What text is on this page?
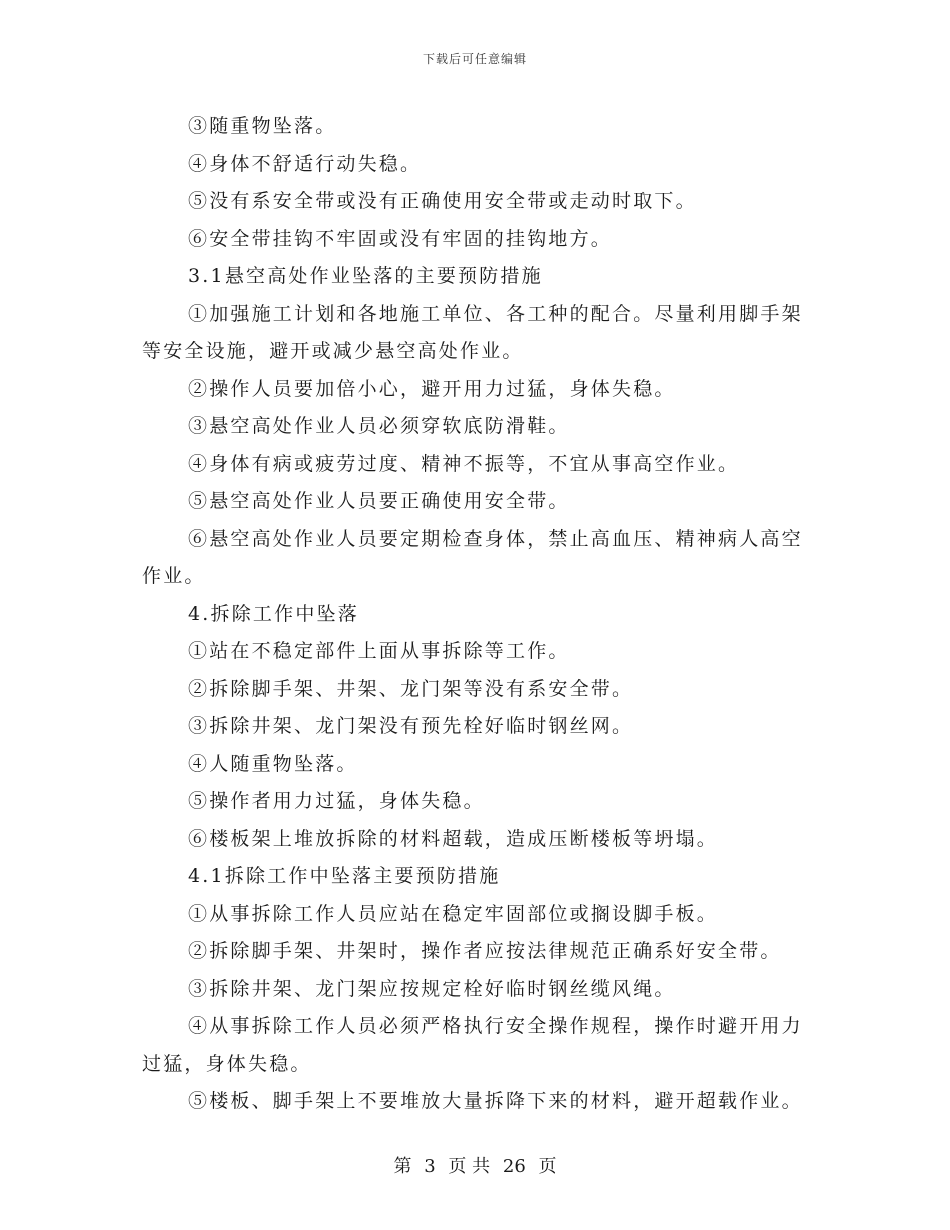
下载后可任意编辑

③随重物坠落。

④身体不舒适行动失稳。

⑤没有系安全带或没有正确使用安全带或走动时取下。

⑥安全带挂钩不牢固或没有牢固的挂钩地方。

3.1悬空高处作业坠落的主要预防措施

①加强施工计划和各地施工单位、各工种的配合。尽量利用脚手架等安全设施，避开或减少悬空高处作业。

②操作人员要加倍小心，避开用力过猛，身体失稳。

③悬空高处作业人员必须穿软底防滑鞋。

④身体有病或疲劳过度、精神不振等，不宜从事高空作业。

⑤悬空高处作业人员要正确使用安全带。

⑥悬空高处作业人员要定期检查身体，禁止高血压、精神病人高空作业。

4.拆除工作中坠落

①站在不稳定部件上面从事拆除等工作。

②拆除脚手架、井架、龙门架等没有系安全带。

③拆除井架、龙门架没有预先栓好临时钢丝网。

④人随重物坠落。

⑤操作者用力过猛，身体失稳。

⑥楼板架上堆放拆除的材料超载，造成压断楼板等坍塌。

4.1拆除工作中坠落主要预防措施

①从事拆除工作人员应站在稳定牢固部位或搁设脚手板。

②拆除脚手架、井架时，操作者应按法律规范正确系好安全带。

③拆除井架、龙门架应按规定栓好临时钢丝缆风绳。

④从事拆除工作人员必须严格执行安全操作规程，操作时避开用力过猛，身体失稳。

⑤楼板、脚手架上不要堆放大量拆降下来的材料，避开超载作业。

第 3 页 共 26 页
